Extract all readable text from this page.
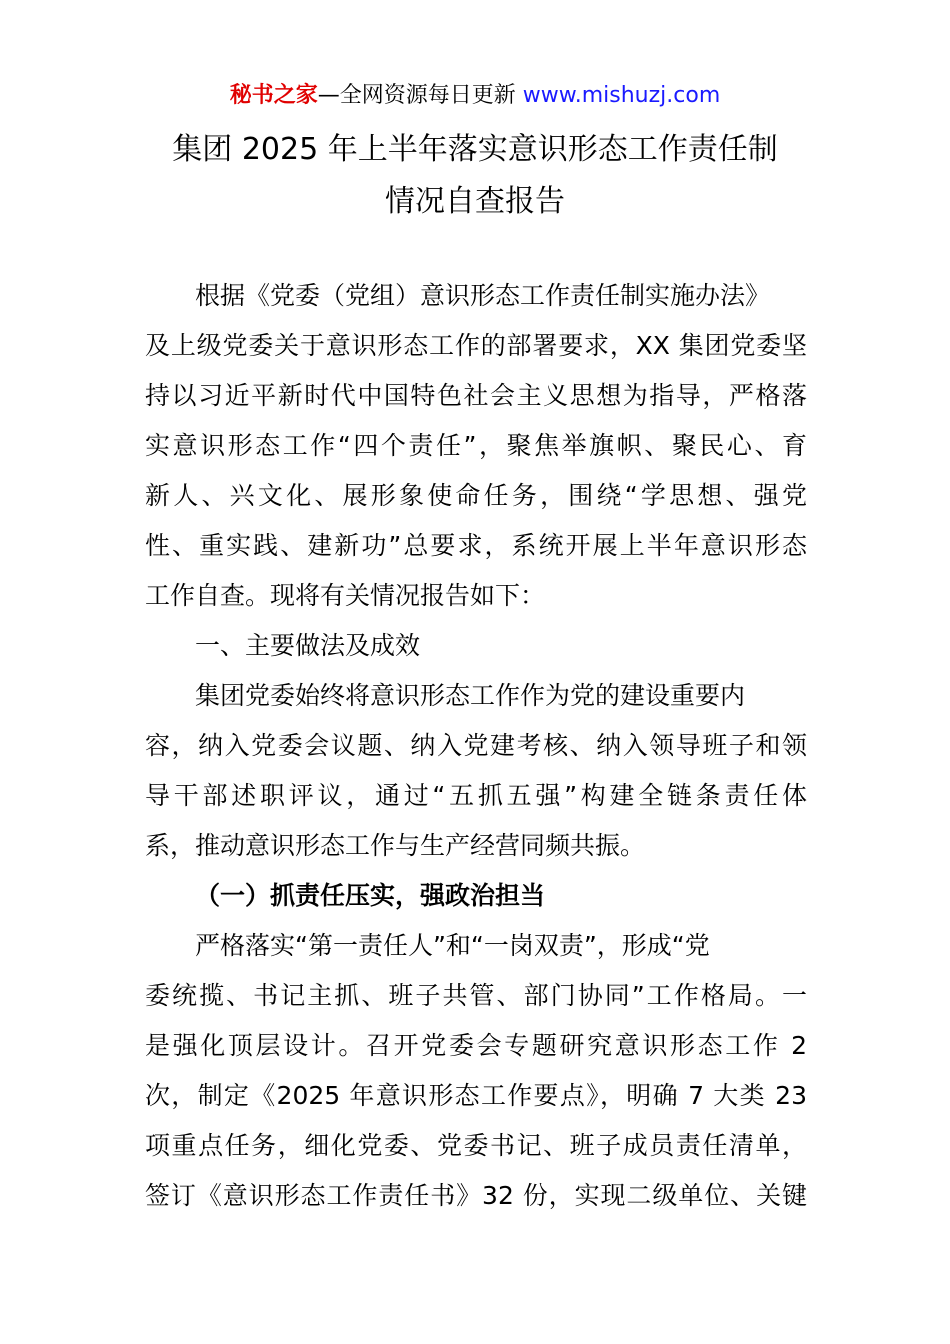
秘书之家—全网资源每日更新 www.mishuzj.com
集团 2025 年上半年落实意识形态工作责任制
情况自查报告
根据《党委（党组）意识形态工作责任制实施办法》
及上级党委关于意识形态工作的部署要求，XX 集团党委坚
持以习近平新时代中国特色社会主义思想为指导，严格落
实意识形态工作“四个责任”，聚焦举旗帜、聚民心、育
新人、兴文化、展形象使命任务，围绕“学思想、强党
性、重实践、建新功”总要求，系统开展上半年意识形态
工作自查。现将有关情况报告如下：
一、主要做法及成效
集团党委始终将意识形态工作作为党的建设重要内
容，纳入党委会议题、纳入党建考核、纳入领导班子和领
导干部述职评议，通过“五抓五强”构建全链条责任体
系，推动意识形态工作与生产经营同频共振。
（一）抓责任压实，强政治担当
严格落实“第一责任人”和“一岗双责”，形成“党
委统揽、书记主抓、班子共管、部门协同”工作格局。一
是强化顶层设计。召开党委会专题研究意识形态工作 2
次，制定《2025 年意识形态工作要点》，明确 7 大类 23
项重点任务，细化党委、党委书记、班子成员责任清单，
签订《意识形态工作责任书》32 份，实现二级单位、关键
